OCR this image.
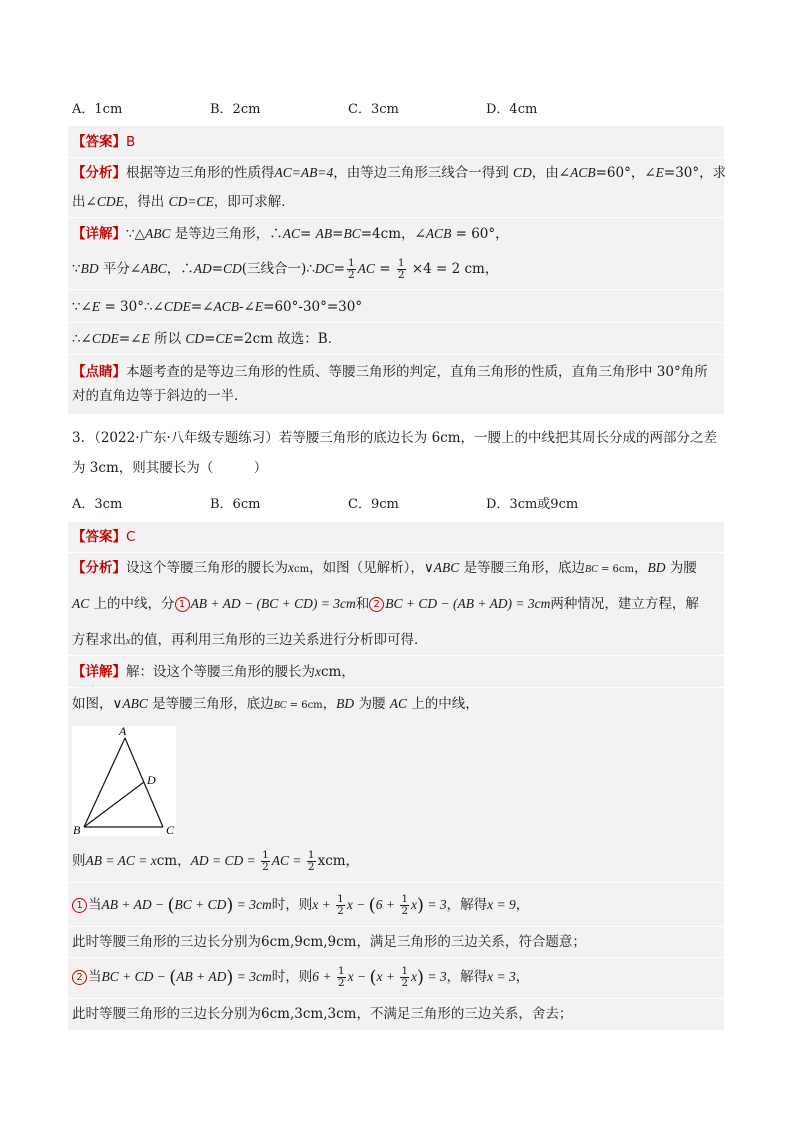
A．1cm	B．2cm	C．3cm	D．4cm
【答案】B
【分析】根据等边三角形的性质得AC=AB=4，由等边三角形三线合一得到 CD，由∠ACB=60°，∠E=30°，求
出∠CDE，得出 CD=CE，即可求解．
【详解】∵△ABC 是等边三角形，∴AC= AB=BC=4cm，∠ACB = 60°，
∵BD 平分∠ABC，∴AD=CD(三线合一)∴DC= $\frac{1}{2}$ AC = $\frac{1}{2} \times 4 = 2$ cm，
∵∠E = 30°∴∠CDE=∠ACB-∠E=60°-30°=30°
∴∠CDE=∠E 所以 CD=CE=2cm 故选：B．
【点睛】本题考查的是等边三角形的性质、等腰三角形的判定，直角三角形的性质，直角三角形中 30°角所对的直角边等于斜边的一半．
3．（2022·广东·八年级专题练习）若等腰三角形的底边长为 6cm，一腰上的中线把其周长分成的两部分之差为 3cm，则其腰长为（　　　）
A．3cm	B．6cm	C．9cm	D．3cm或9cm
【答案】C
【分析】设这个等腰三角形的腰长为xcm，如图（见解析），∨ABC 是等腰三角形，底边BC = 6cm，BD 为腰
AC 上的中线，分 1 AB + AD − (BC + CD) = 3cm和 2 BC + CD − (AB + AD) = 3cm两种情况，建立方程，解
方程求出x的值，再利用三角形的三边关系进行分析即可得．
【详解】解：设这个等腰三角形的腰长为xcm，
如图，∨ABC 是等腰三角形，底边BC = 6cm，BD 为腰 AC 上的中线，
则AB = AC = xcm，AD = CD = $\frac{1}{2}$ AC = $\frac{1}{2}$ xcm，
1 当AB + AD − (BC + CD) = 3cm时，则$x + \frac{1}{2}$ $x - (6 + \frac{1}{2} x) = 3$，解得x = 9，
此时等腰三角形的三边长分别为6cm,9cm,9cm，满足三角形的三边关系，符合题意；
2 当BC + CD − (AB + AD) = 3cm时，则$6 + \frac{1}{2}$ $x - (x + \frac{1}{2} x) = 3$，解得x = 3，
此时等腰三角形的三边长分别为6cm,3cm,3cm，不满足三角形的三边关系，舍去；
A
D
B	C
